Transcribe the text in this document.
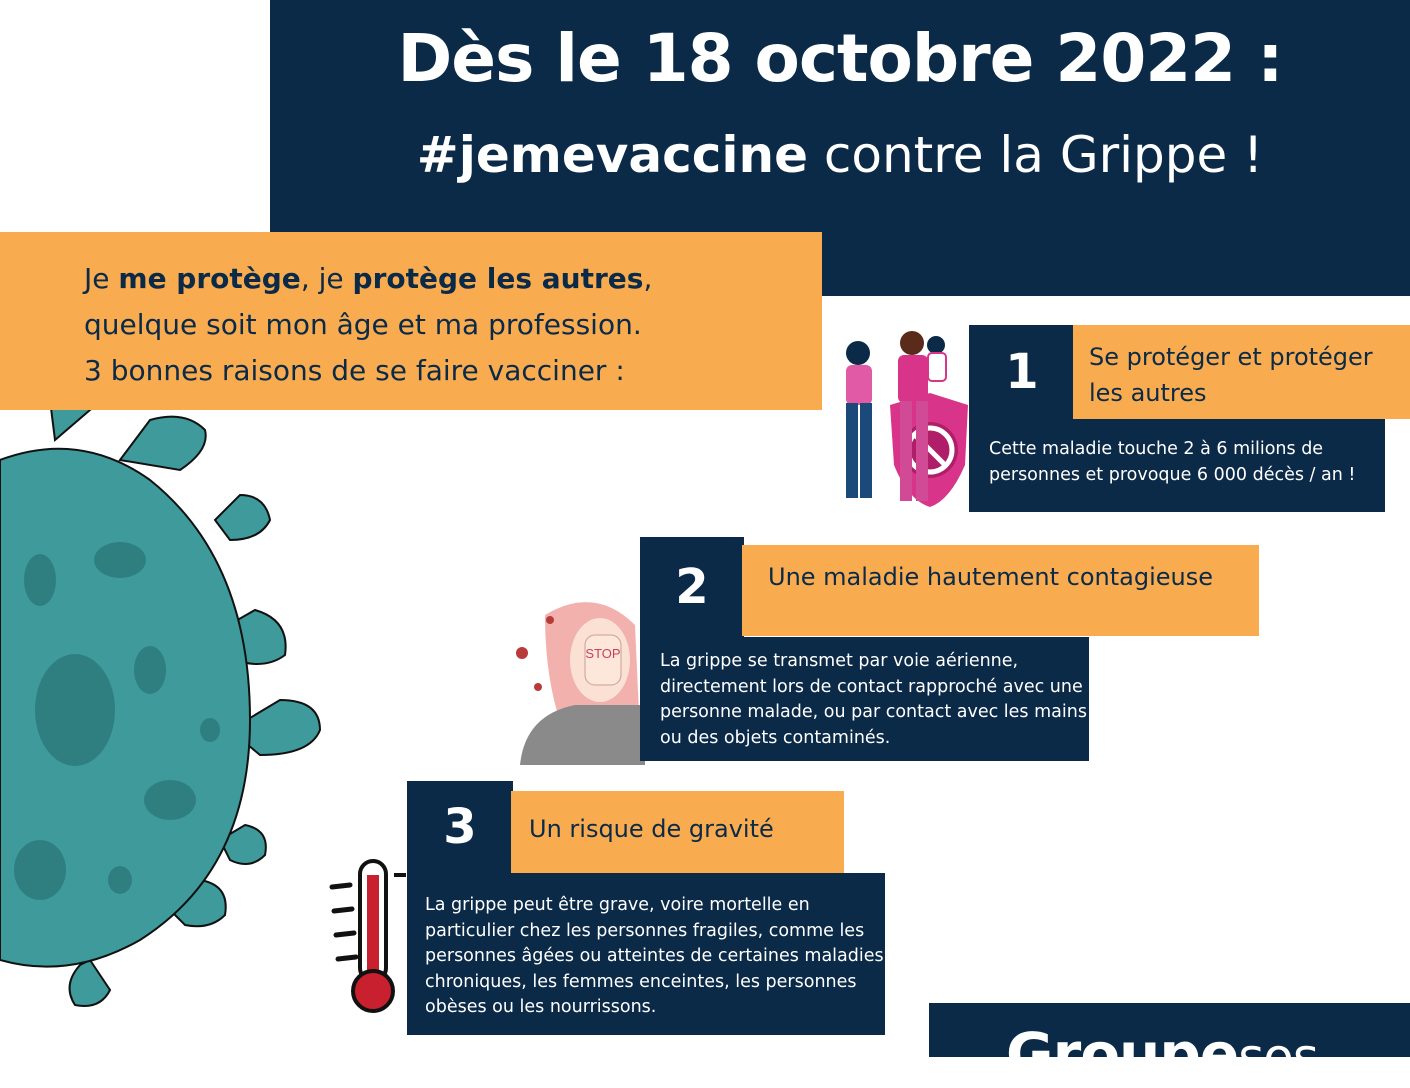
Dès le 18 octobre 2022 :
#jemevaccine contre la Grippe !
Je me protège, je protège les autres,
quelque soit mon âge et ma profession.
3 bonnes raisons de se faire vacciner :	1	Se protéger et protéger les autres
Cette maladie touche 2 à 6 milions de personnes et provoque 6 000 décès / an !
STOP
2	Une maladie hautement contagieuse
La grippe se transmet par voie aérienne, directement lors de contact rapproché avec une personne malade, ou par contact avec les mains ou des objets contaminés.
3	Un risque de gravité
La grippe peut être grave, voire mortelle en particulier chez les personnes fragiles, comme les personnes âgées ou atteintes de certaines maladies chroniques, les femmes enceintes, les personnes obèses ou les nourrissons.
Groupesos
